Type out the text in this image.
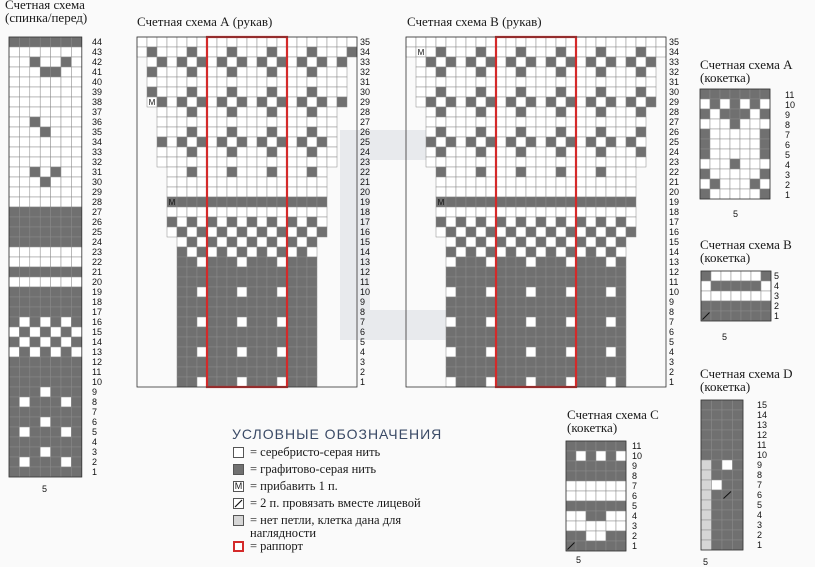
Счетная схема
(спинка/перед)	Счетная схема А (рукав)	Счетная схема В (рукав)
Счетная схема А
(кокетка)
Счетная схема В
(кокетка)
Счетная схема С
(кокетка)
Счетная схема D
(кокетка)
M
M
M
M
44
43
42
41
40
39
38
37
36
35
34
33
32
31
30
29
28
27
26
25
24
23
22
21
20
19
18
17
16
15
14
13
12
11
10
9
8
7
6
5
4
3
2
1
35
34
33
32
31
30
29
28
27
26
25
24
23
22
21
20
19
18
17
16
15
14
13
12
11
10
9
8
7
6
5
4
3
2
1
35
34
33
32
31
30
29
28
27
26
25
24
23
22
21
20
19
18
17
16
15
14
13
12
11
10
9
8
7
6
5
4
3
2
1
11
10
9
8
7
6
5
4
3
2
1
5
4
3
2
1
11
10
9
8
7
6
5
4
3
2
1
15
14
13
12
11
10
9
8
7
6
5
4
3
2
1
5
5
5
5	5
УСЛОВНЫЕ ОБОЗНАЧЕНИЯ
= серебристо-серая нить
= графитово-серая нить
M = прибавить 1 п.
= 2 п. провязать вместе лицевой
= нет петли, клетка дана для
наглядности
= раппорт
